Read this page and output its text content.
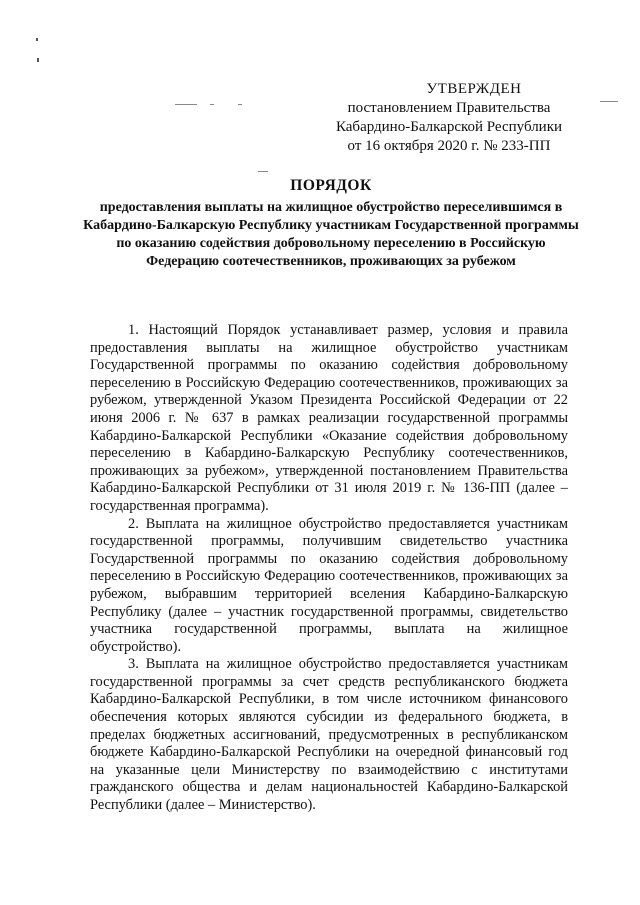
УТВЕРЖДЕН
постановлением Правительства
Кабардино-Балкарской Республики
от 16 октября 2020 г. № 233-ПП
ПОРЯДОК
предоставления выплаты на жилищное обустройство переселившимся в Кабардино-Балкарскую Республику участникам Государственной программы по оказанию содействия добровольному переселению в Российскую Федерацию соотечественников, проживающих за рубежом

1. Настоящий Порядок устанавливает размер, условия и правила предоставления выплаты на жилищное обустройство участникам Государственной программы по оказанию содействия добровольному переселению в Российскую Федерацию соотечественников, проживающих за рубежом, утвержденной Указом Президента Российской Федерации от 22 июня 2006 г. № 637 в рамках реализации государственной программы Кабардино-Балкарской Республики «Оказание содействия добровольному переселению в Кабардино-Балкарскую Республику соотечественников, проживающих за рубежом», утвержденной постановлением Правительства Кабардино-Балкарской Республики от 31 июля 2019 г. № 136-ПП (далее – государственная программа).

2. Выплата на жилищное обустройство предоставляется участникам государственной программы, получившим свидетельство участника Государственной программы по оказанию содействия добровольному переселению в Российскую Федерацию соотечественников, проживающих за рубежом, выбравшим территорией вселения Кабардино-Балкарскую Республику (далее – участник государственной программы, свидетельство участника государственной программы, выплата на жилищное обустройство).

3. Выплата на жилищное обустройство предоставляется участникам государственной программы за счет средств республиканского бюджета Кабардино-Балкарской Республики, в том числе источником финансового обеспечения которых являются субсидии из федерального бюджета, в пределах бюджетных ассигнований, предусмотренных в республиканском бюджете Кабардино-Балкарской Республики на очередной финансовый год на указанные цели Министерству по взаимодействию с институтами гражданского общества и делам национальностей Кабардино-Балкарской Республики (далее – Министерство).
